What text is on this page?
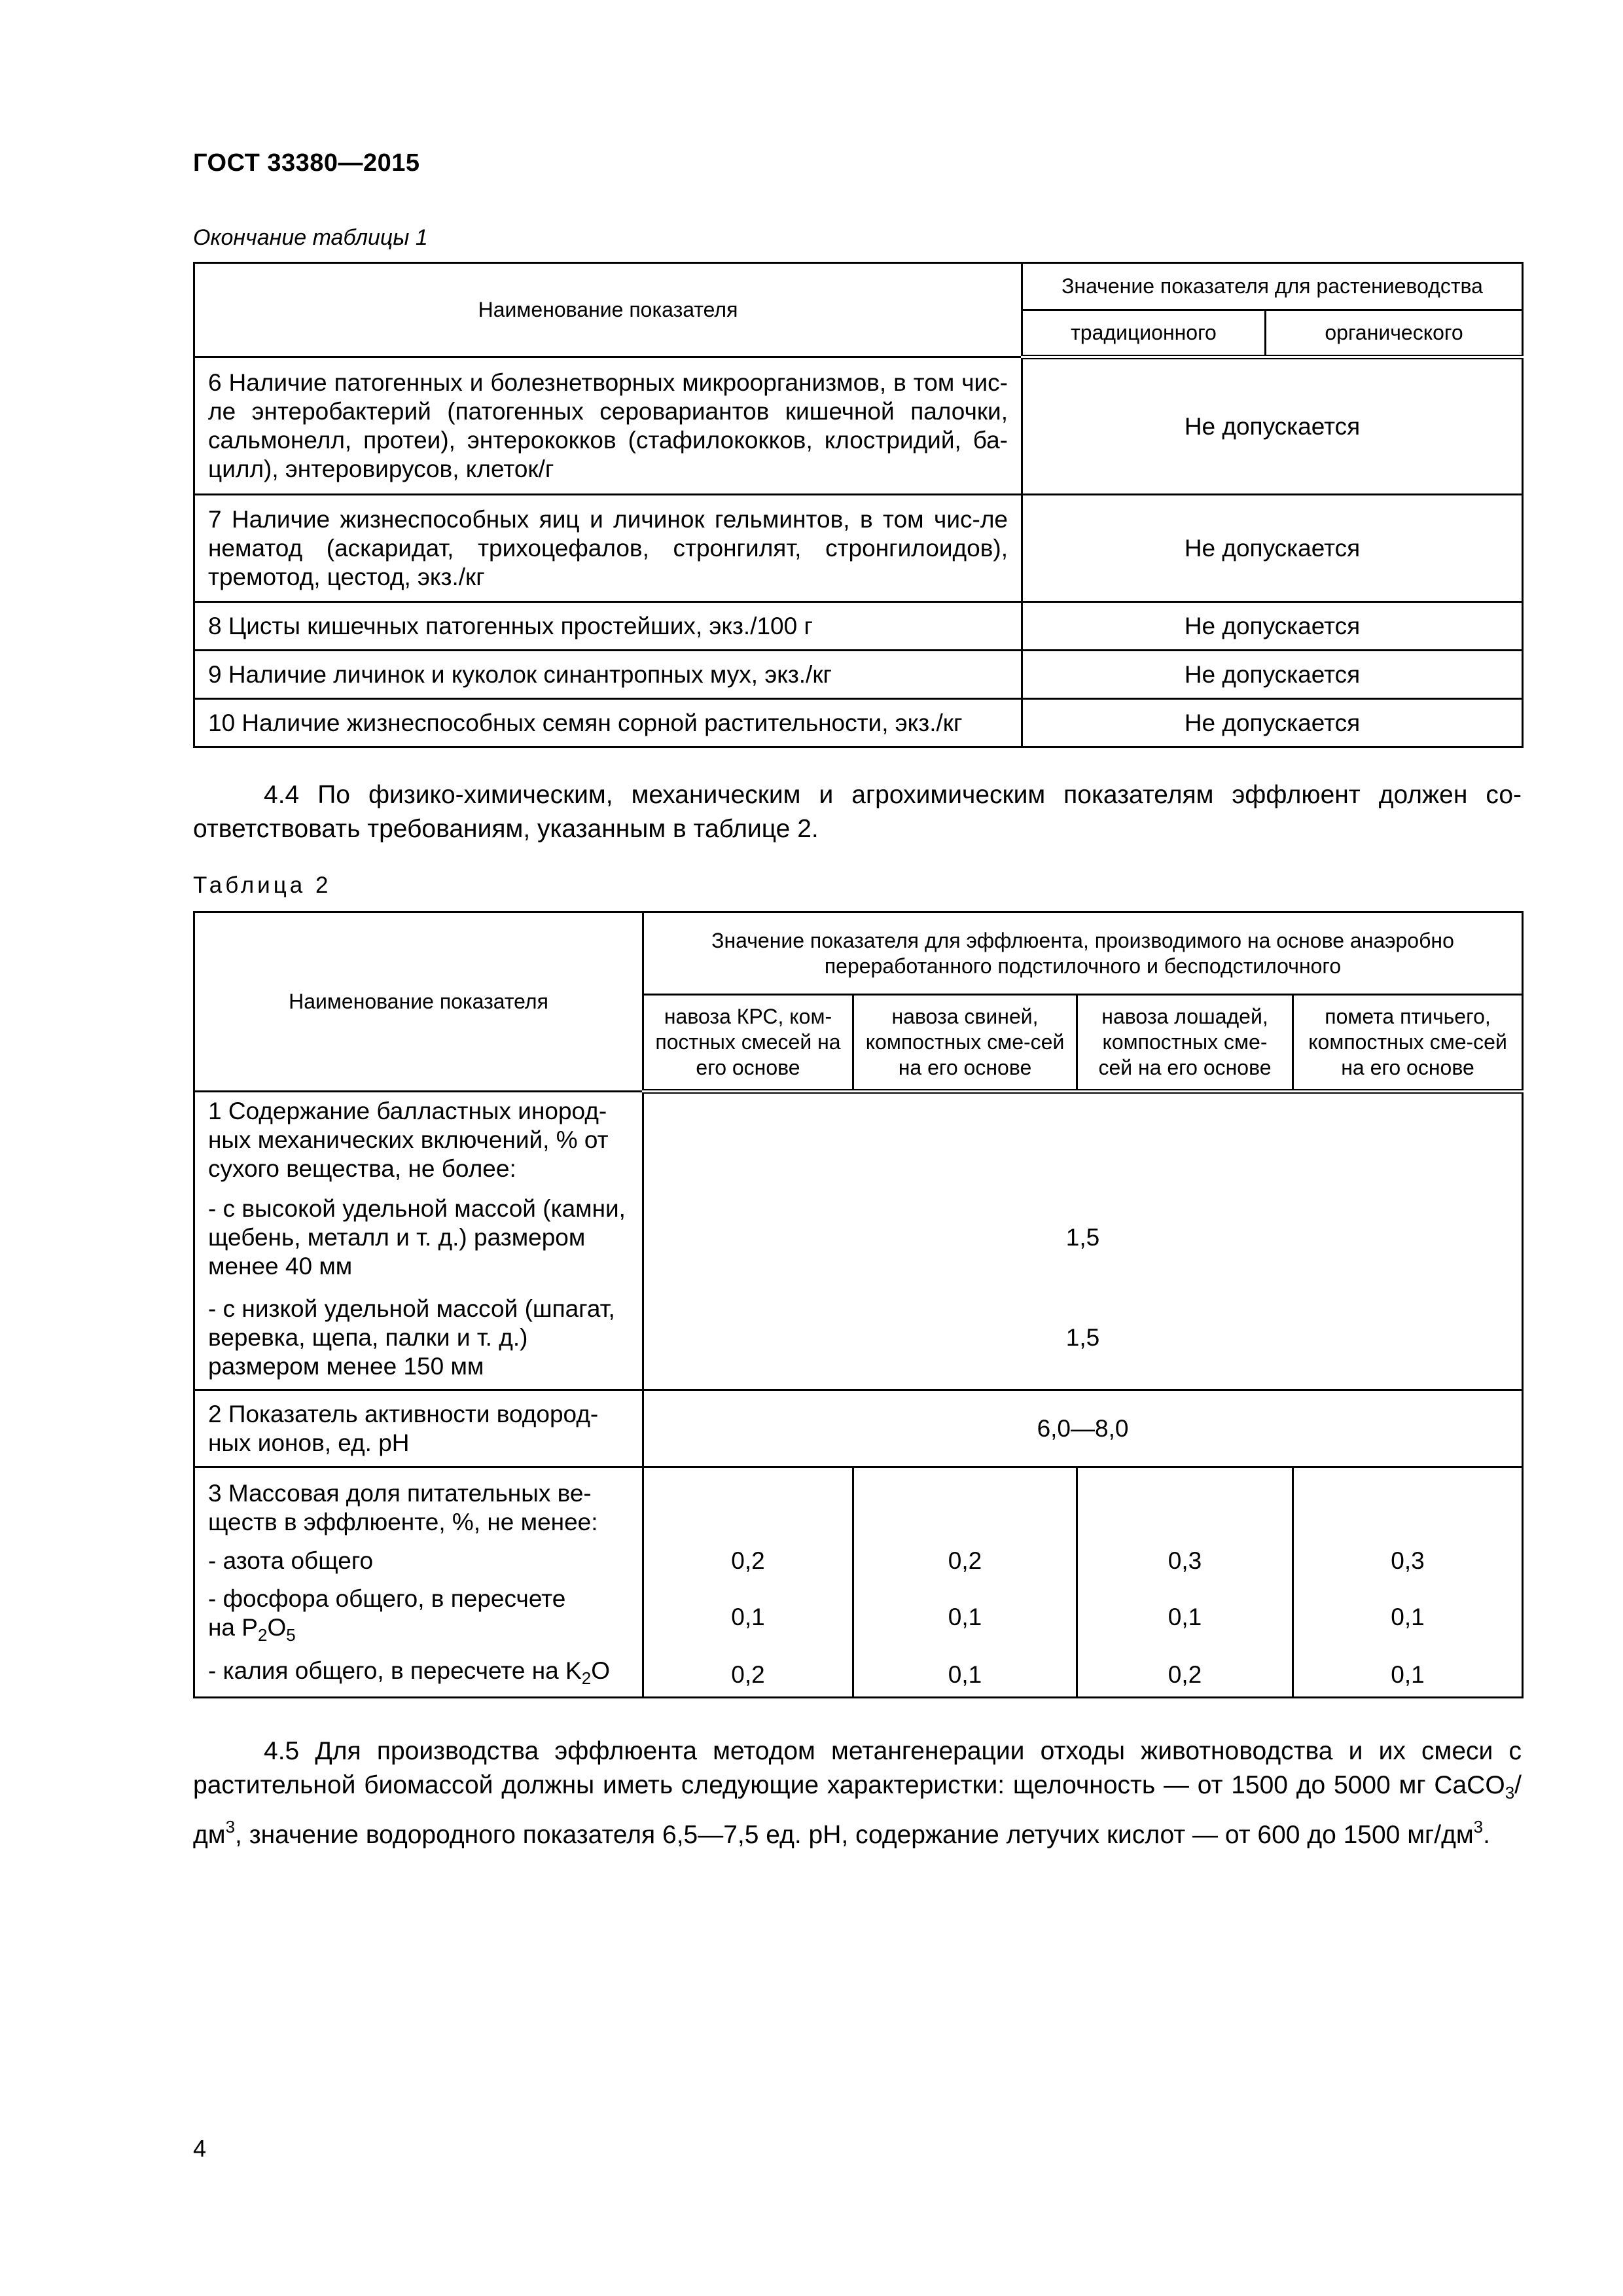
ГОСТ 33380—2015
Окончание таблицы 1
Наименование показателя	Значение показателя для растениеводства	
	традиционного	органического
6 Наличие патогенных и болезнетворных микроорганизмов, в том чис-ле энтеробактерий (патогенных серовариантов кишечной палочки, сальмонелл, протеи), энтерококков (стафилококков, клостридий, ба-цилл), энтеровирусов, клеток/г	Не допускается	
7 Наличие жизнеспособных яиц и личинок гельминтов, в том чис-ле нематод (аскаридат, трихоцефалов, стронгилят, стронгилоидов), тремотод, цестод, экз./кг	Не допускается	
8 Цисты кишечных патогенных простейших, экз./100 г	Не допускается	
9 Наличие личинок и куколок синантропных мух, экз./кг	Не допускается	
10 Наличие жизнеспособных семян сорной растительности, экз./кг	Не допускается	
4.4 По физико-химическим, механическим и агрохимическим показателям эффлюент должен со-ответствовать требованиям, указанным в таблице 2.
Таблица 2
Наименование показателя	Значение показателя для эффлюента, производимого на основе анаэробно переработанного подстилочного и бесподстилочного			
	навоза КРС, ком-постных смесей на его основе	навоза свиней, компостных сме-сей на его основе	навоза лошадей, компостных сме-сей на его основе	помета птичьего, компостных сме-сей на его основе
1 Содержание балластных инород-ных механических включений, % от сухого вещества, не более:				
- с высокой удельной массой (камни, щебень, металл и т. д.) размером менее 40 мм	1,5			
- с низкой удельной массой (шпагат, веревка, щепа, палки и т. д.) размером менее 150 мм	1,5			
2 Показатель активности водород-ных ионов, ед. pH	6,0—8,0			
3 Массовая доля питательных ве-ществ в эффлюенте, %, не менее:				
- азота общего	0,2	0,2	0,3	0,3
- фосфора общего, в пересчете
на $P_2O_5$	0,1	0,1	0,1	0,1
- калия общего, в пересчете на $K_2O$	0,2	0,1	0,2	0,1
4.5 Для производства эффлюента методом метангенерации отходы животноводства и их смеси с растительной биомассой должны иметь следующие характеристки: щелочность — от 1500 до 5000 мг $CaCO_3/дм^3$, значение водородного показателя 6,5—7,5 ед. pH, содержание летучих кислот — от 600 до 1500 $мг/дм^3$.
4
